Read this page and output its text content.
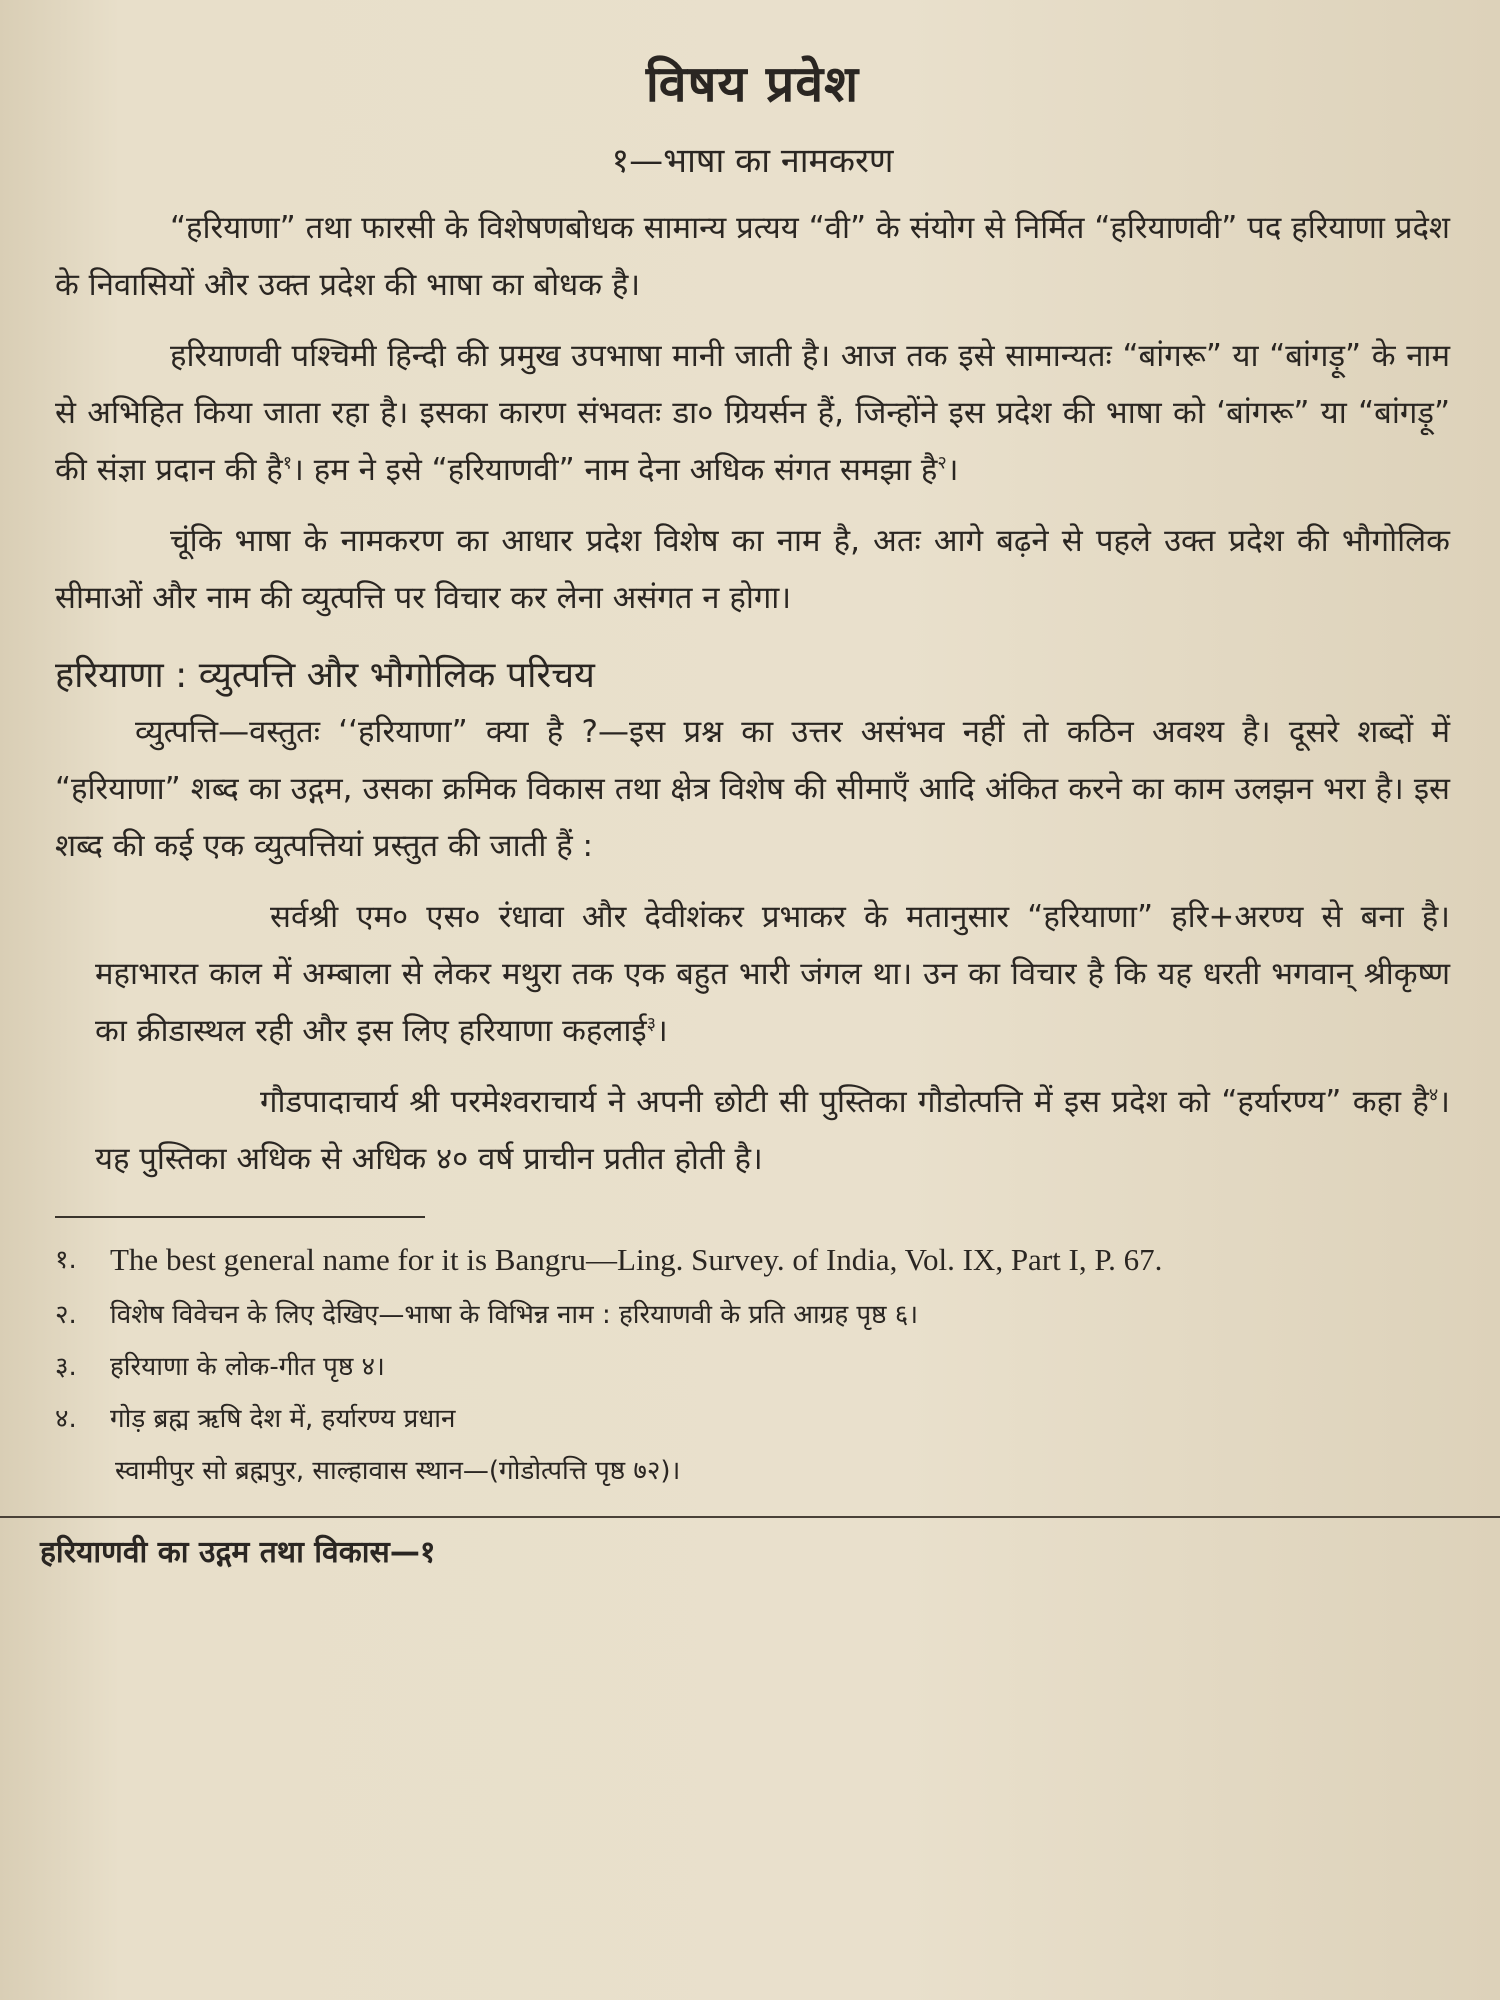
विषय प्रवेश
१—भाषा का नामकरण

“हरियाणा” तथा फारसी के विशेषणबोधक सामान्य प्रत्यय “वी” के संयोग से निर्मित “हरियाणवी” पद हरियाणा प्रदेश के निवासियों और उक्त प्रदेश की भाषा का बोधक है।

हरियाणवी पश्चिमी हिन्दी की प्रमुख उपभाषा मानी जाती है। आज तक इसे सामान्यतः “बांगरू” या “बांगड़ू” के नाम से अभिहित किया जाता रहा है। इसका कारण संभवतः डा० ग्रियर्सन हैं, जिन्होंने इस प्रदेश की भाषा को ‘बांगरू” या “बांगड़ू” की संज्ञा प्रदान की है$^१$। हम ने इसे “हरियाणवी” नाम देना अधिक संगत समझा है$^२$।

चूंकि भाषा के नामकरण का आधार प्रदेश विशेष का नाम है, अतः आगे बढ़ने से पहले उक्त प्रदेश की भौगोलिक सीमाओं और नाम की व्युत्पत्ति पर विचार कर लेना असंगत न होगा।

हरियाणा : व्युत्पत्ति और भौगोलिक परिचय

व्युत्पत्ति—वस्तुतः ‘‘हरियाणा” क्या है ?—इस प्रश्न का उत्तर असंभव नहीं तो कठिन अवश्य है। दूसरे शब्दों में “हरियाणा” शब्द का उद्गम, उसका क्रमिक विकास तथा क्षेत्र विशेष की सीमाएँ आदि अंकित करने का काम उलझन भरा है। इस शब्द की कई एक व्युत्पत्तियां प्रस्तुत की जाती हैं :

सर्वश्री एम० एस० रंधावा और देवीशंकर प्रभाकर के मतानुसार “हरियाणा” हरि+अरण्य से बना है। महाभारत काल में अम्बाला से लेकर मथुरा तक एक बहुत भारी जंगल था। उन का विचार है कि यह धरती भगवान् श्रीकृष्ण का क्रीडास्थल रही और इस लिए हरियाणा कहलाई$^३$।

गौडपादाचार्य श्री परमेश्वराचार्य ने अपनी छोटी सी पुस्तिका गौडोत्पत्ति में इस प्रदेश को “हर्यारण्य” कहा है$^४$। यह पुस्तिका अधिक से अधिक ४० वर्ष प्राचीन प्रतीत होती है।

१.	The best general name for it is Bangru—Ling. Survey. of India, Vol. IX, Part I, P. 67.
२.	विशेष विवेचन के लिए देखिए—भाषा के विभिन्न नाम : हरियाणवी के प्रति आग्रह पृष्ठ ६।
३.	हरियाणा के लोक-गीत पृष्ठ ४।
४.	गोड़ ब्रह्म ऋषि देश में, हर्यारण्य प्रधान
स्वामीपुर सो ब्रह्मपुर, साल्हावास स्थान—(गोडोत्पत्ति पृष्ठ ७२)।
हरियाणवी का उद्गम तथा विकास—१
